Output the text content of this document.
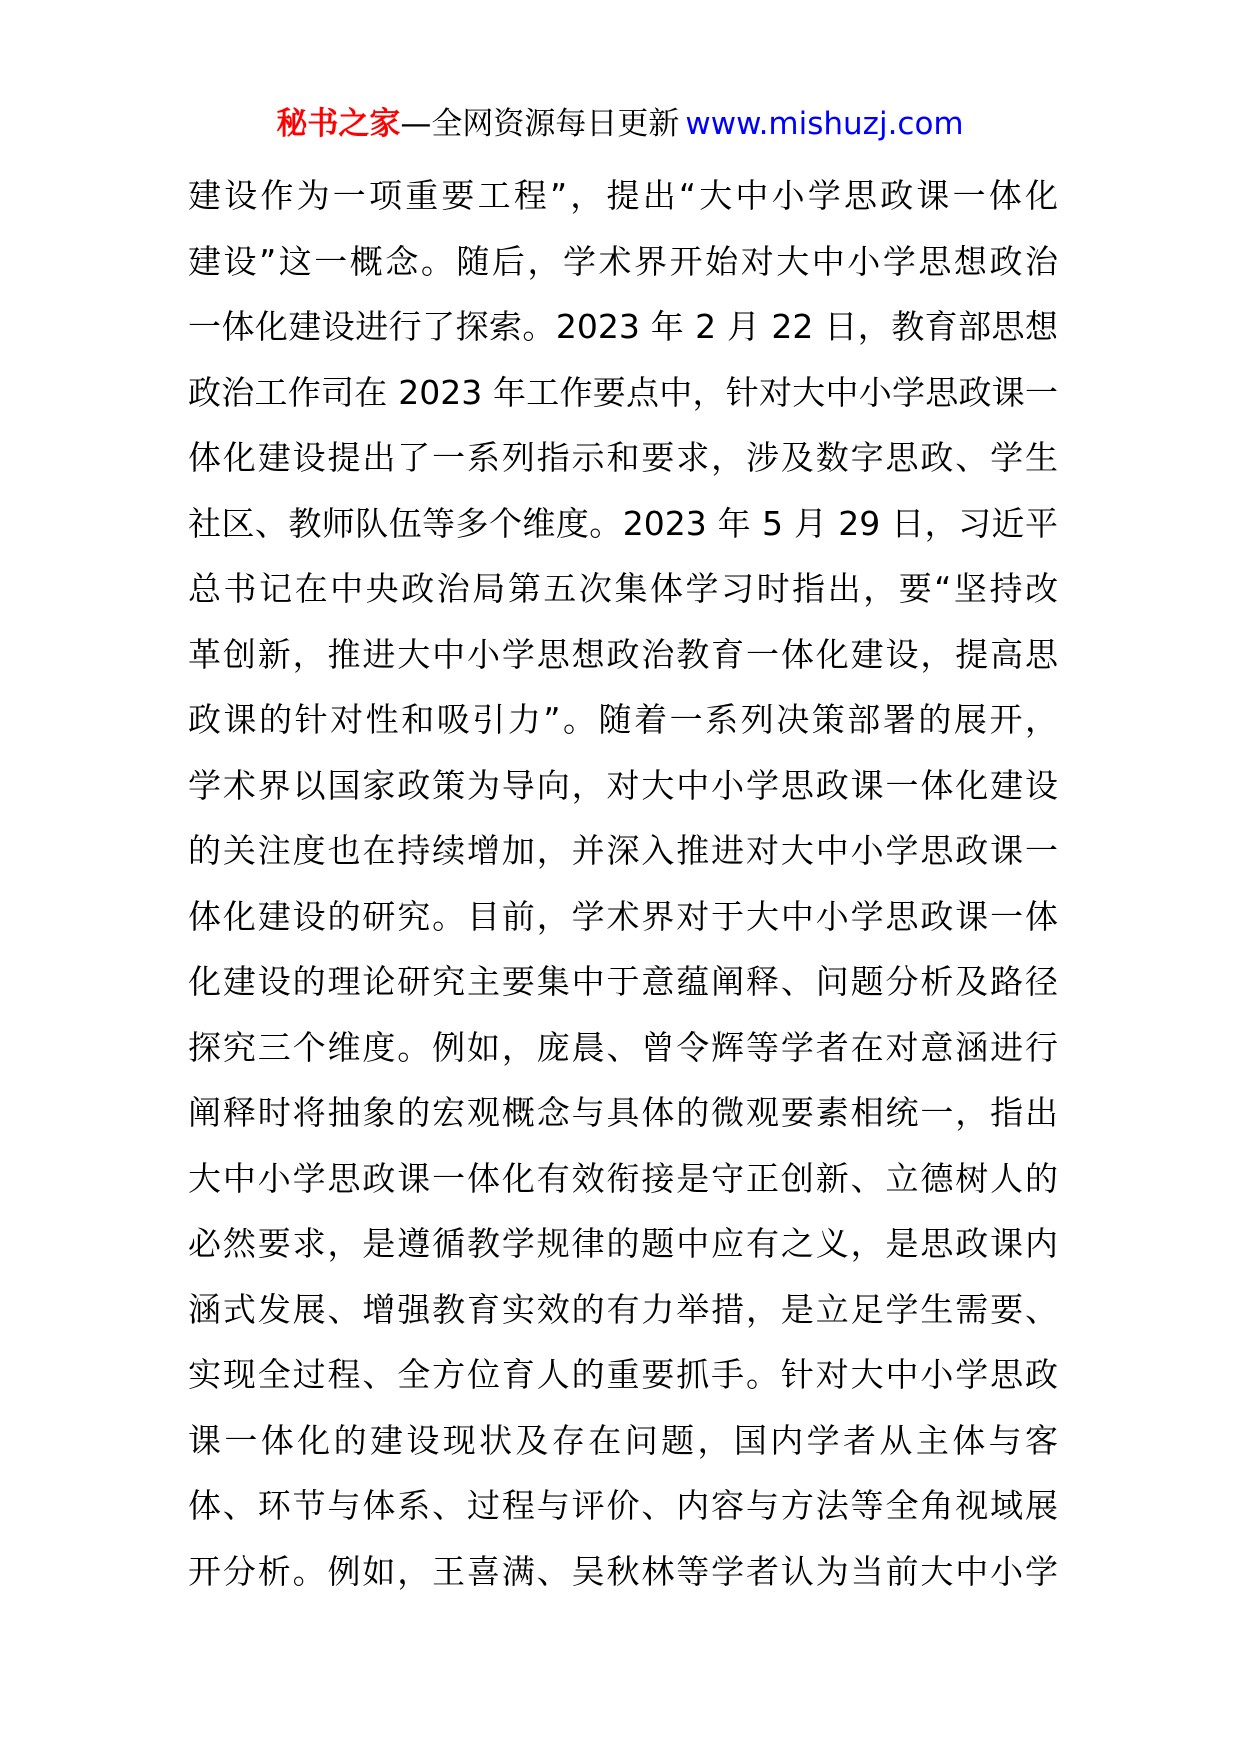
秘书之家—全网资源每日更新 www.mishuzj.com
建设作为一项重要工程”，提出“大中小学思政课一体化
建设”这一概念。随后，学术界开始对大中小学思想政治
一体化建设进行了探索。2023 年 2 月 22 日，教育部思想
政治工作司在 2023 年工作要点中，针对大中小学思政课一
体化建设提出了一系列指示和要求，涉及数字思政、学生
社区、教师队伍等多个维度。2023 年 5 月 29 日，习近平
总书记在中央政治局第五次集体学习时指出，要“坚持改
革创新，推进大中小学思想政治教育一体化建设，提高思
政课的针对性和吸引力”。随着一系列决策部署的展开，
学术界以国家政策为导向，对大中小学思政课一体化建设
的关注度也在持续增加，并深入推进对大中小学思政课一
体化建设的研究。目前，学术界对于大中小学思政课一体
化建设的理论研究主要集中于意蕴阐释、问题分析及路径
探究三个维度。例如，庞晨、曾令辉等学者在对意涵进行
阐释时将抽象的宏观概念与具体的微观要素相统一，指出
大中小学思政课一体化有效衔接是守正创新、立德树人的
必然要求，是遵循教学规律的题中应有之义，是思政课内
涵式发展、增强教育实效的有力举措，是立足学生需要、
实现全过程、全方位育人的重要抓手。针对大中小学思政
课一体化的建设现状及存在问题，国内学者从主体与客
体、环节与体系、过程与评价、内容与方法等全角视域展
开分析。例如，王喜满、吴秋林等学者认为当前大中小学
